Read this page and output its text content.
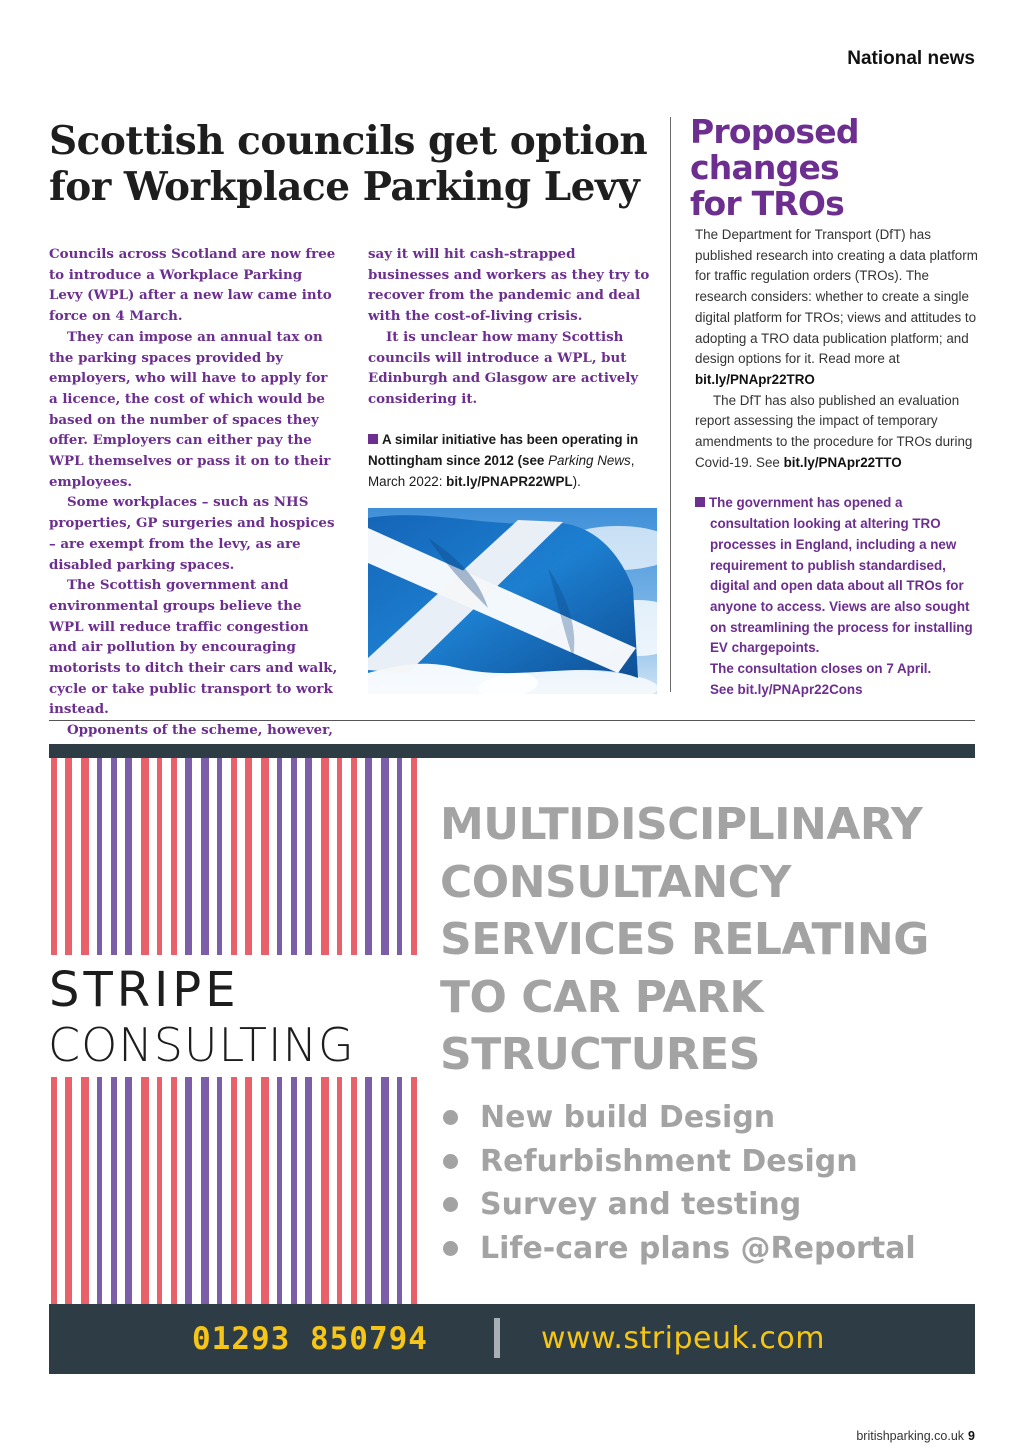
National news
Scottish councils get option
for Workplace Parking Levy

Councils across Scotland are now free to introduce a Workplace Parking Levy (WPL) after a new law came into force on 4 March.

They can impose an annual tax on the parking spaces provided by employers, who will have to apply for a licence, the cost of which would be based on the number of spaces they offer. Employers can either pay the WPL themselves or pass it on to their employees.

Some workplaces – such as NHS properties, GP surgeries and hospices – are exempt from the levy, as are disabled parking spaces.

The Scottish government and environmental groups believe the WPL will reduce traffic congestion and air pollution by encouraging motorists to ditch their cars and walk, cycle or take public transport to work instead.

Opponents of the scheme, however,

say it will hit cash-strapped businesses and workers as they try to recover from the pandemic and deal with the cost-of-living crisis.

It is unclear how many Scottish councils will introduce a WPL, but Edinburgh and Glasgow are actively considering it.

A similar initiative has been operating in Nottingham since 2012 (see Parking News, March 2022: bit.ly/PNAPR22WPL).

Proposed
changes
for TROs

The Department for Transport (DfT) has published research into creating a data platform for traffic regulation orders (TROs). The research considers: whether to create a single digital platform for TROs; views and attitudes to adopting a TRO data publication platform; and design options for it. Read more at bit.ly/PNApr22TRO

The DfT has also published an evaluation report assessing the impact of temporary amendments to the procedure for TROs during Covid-19. See bit.ly/PNApr22TTO

The government has opened a consultation looking at altering TRO processes in England, including a new requirement to publish standardised, digital and open data about all TROs for anyone to access. Views are also sought on streamlining the process for installing EV chargepoints.
The consultation closes on 7 April.
See bit.ly/PNApr22Cons
STRIPE
CONSULTING
MULTIDISCIPLINARY
CONSULTANCY
SERVICES RELATING
TO CAR PARK
STRUCTURES
New build Design
Refurbishment Design
Survey and testing
Life-care plans @Reportal
01293 850794	www.stripeuk.com
britishparking.co.uk 9
